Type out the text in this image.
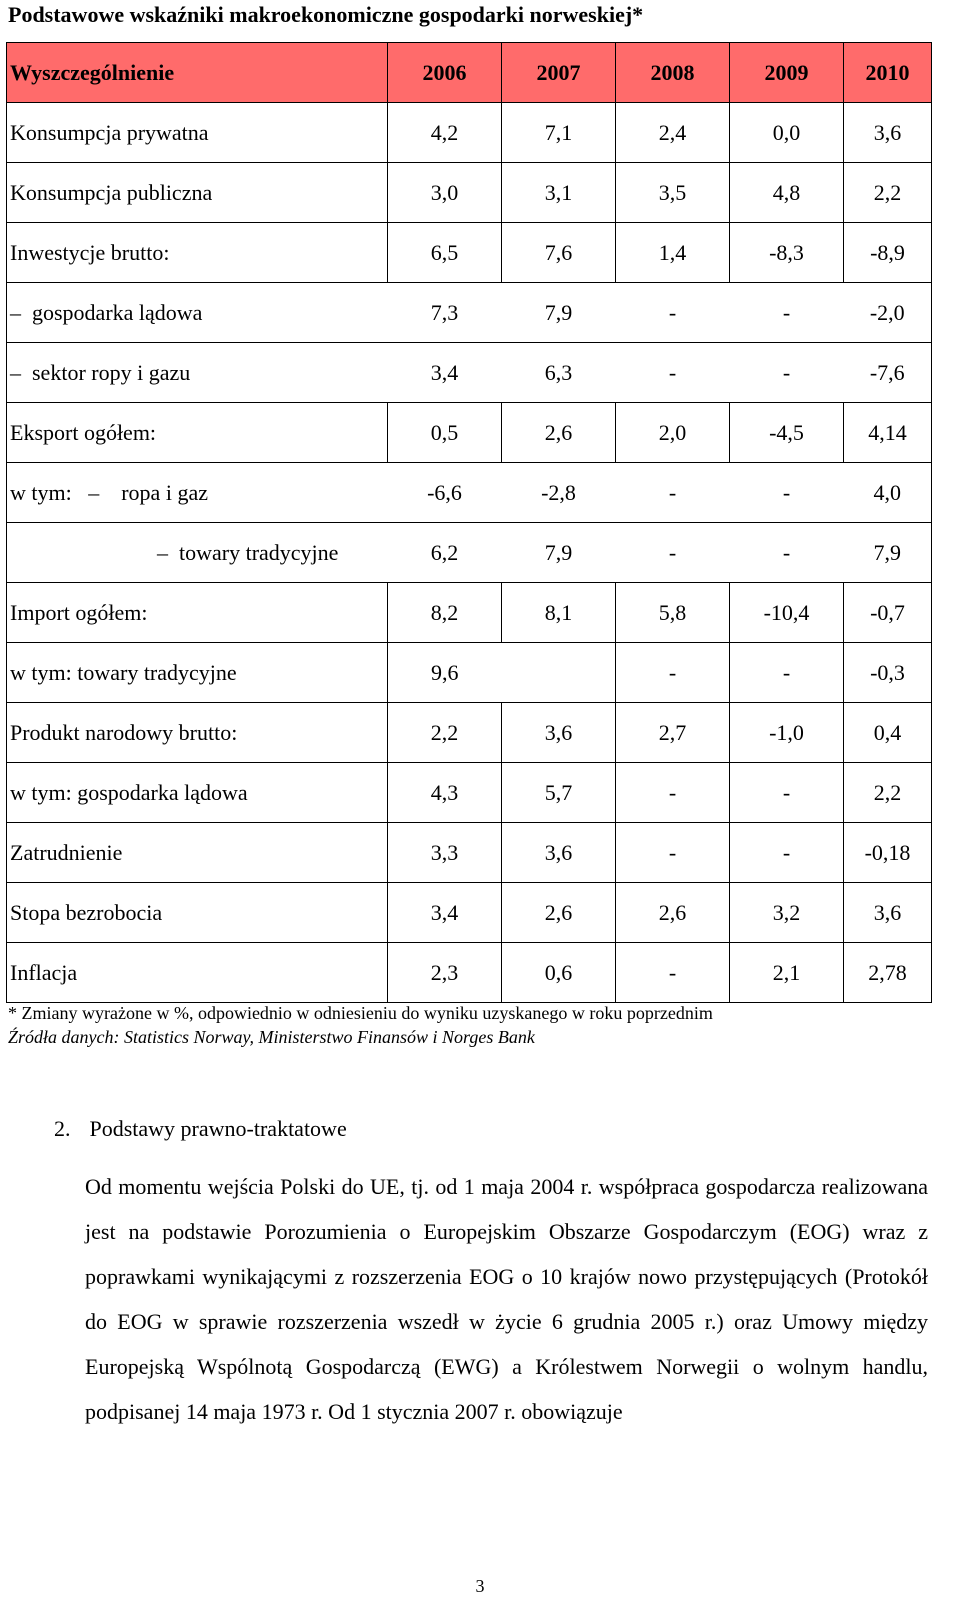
Podstawowe wskaźniki makroekonomiczne gospodarki norweskiej*
Wyszczególnienie	2006	2007	2008	2009	2010
Konsumpcja prywatna	4,2	7,1	2,4	0,0	3,6
Konsumpcja publiczna	3,0	3,1	3,5	4,8	2,2
Inwestycje brutto:	6,5	7,6	1,4	-8,3	-8,9
– gospodarka lądowa	7,3	7,9	-	-	-2,0
– sektor ropy i gazu	3,4	6,3	-	-	-7,6
Eksport ogółem:	0,5	2,6	2,0	-4,5	4,14
w tym: – ropa i gaz	-6,6	-2,8	-	-	4,0
– towary tradycyjne	6,2	7,9	-	-	7,9
Import ogółem:	8,2	8,1	5,8	-10,4	-0,7
w tym: towary tradycyjne	9,6		-	-	-0,3
Produkt narodowy brutto:	2,2	3,6	2,7	-1,0	0,4
w tym: gospodarka lądowa	4,3	5,7	-	-	2,2
Zatrudnienie	3,3	3,6	-	-	-0,18
Stopa bezrobocia	3,4	2,6	2,6	3,2	3,6
Inflacja	2,3	0,6	-	2,1	2,78
* Zmiany wyrażone w %, odpowiednio w odniesieniu do wyniku uzyskanego w roku poprzednim
Źródła danych: Statistics Norway, Ministerstwo Finansów i Norges Bank
2. Podstawy prawno-traktatowe
Od momentu wejścia Polski do UE, tj. od 1 maja 2004 r. współpraca gospodarcza realizowana jest na podstawie Porozumienia o Europejskim Obszarze Gospodarczym (EOG) wraz z poprawkami wynikającymi z rozszerzenia EOG o 10 krajów nowo przystępujących (Protokół do EOG w sprawie rozszerzenia wszedł w życie 6 grudnia 2005 r.) oraz Umowy między Europejską Wspólnotą Gospodarczą (EWG) a Królestwem Norwegii o wolnym handlu, podpisanej 14 maja 1973 r. Od 1 stycznia 2007 r. obowiązuje
3
